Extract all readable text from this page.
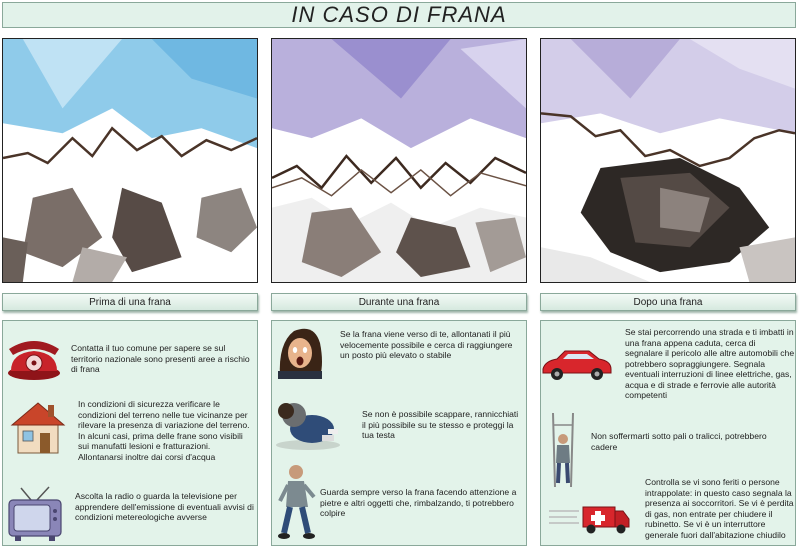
IN CASO DI FRANA
Prima di una frana	Durante una frana	Dopo una frana
Contatta il tuo comune per sapere se sul territorio nazionale sono presenti aree a rischio di frana
In condizioni di sicurezza verificare le condizioni del terreno nelle tue vicinanze per rilevare la presenza di variazione del terreno. In alcuni casi, prima delle frane sono visibili sui manufatti lesioni e fratturazioni. Allontanarsi inoltre dai corsi d'acqua
Ascolta la radio o guarda la televisione per apprendere dell'emissione di eventuali avvisi di condizioni metereologiche avverse
Se la frana viene verso di te, allontanati il più velocemente possibile e cerca di raggiungere un posto più elevato o stabile
Se non è possibile scappare, rannicchiati il più possibile su te stesso e proteggi la tua testa
Guarda sempre verso la frana facendo attenzione a pietre e altri oggetti che, rimbalzando, ti potrebbero colpire
Se stai percorrendo una strada e ti imbatti in una frana appena caduta, cerca di segnalare il pericolo alle altre automobili che potrebbero sopraggiungere. Segnala eventuali interruzioni di linee elettriche, gas, acqua e di strade e ferrovie alle autorità competenti
Non soffermarti sotto pali o tralicci, potrebbero cadere
Controlla se vi sono feriti o persone intrappolate: in questo caso segnala la presenza ai soccorritori. Se vi è perdita di gas, non entrate per chiudere il rubinetto. Se vi è un interruttore generale fuori dall'abitazione chiudilo
